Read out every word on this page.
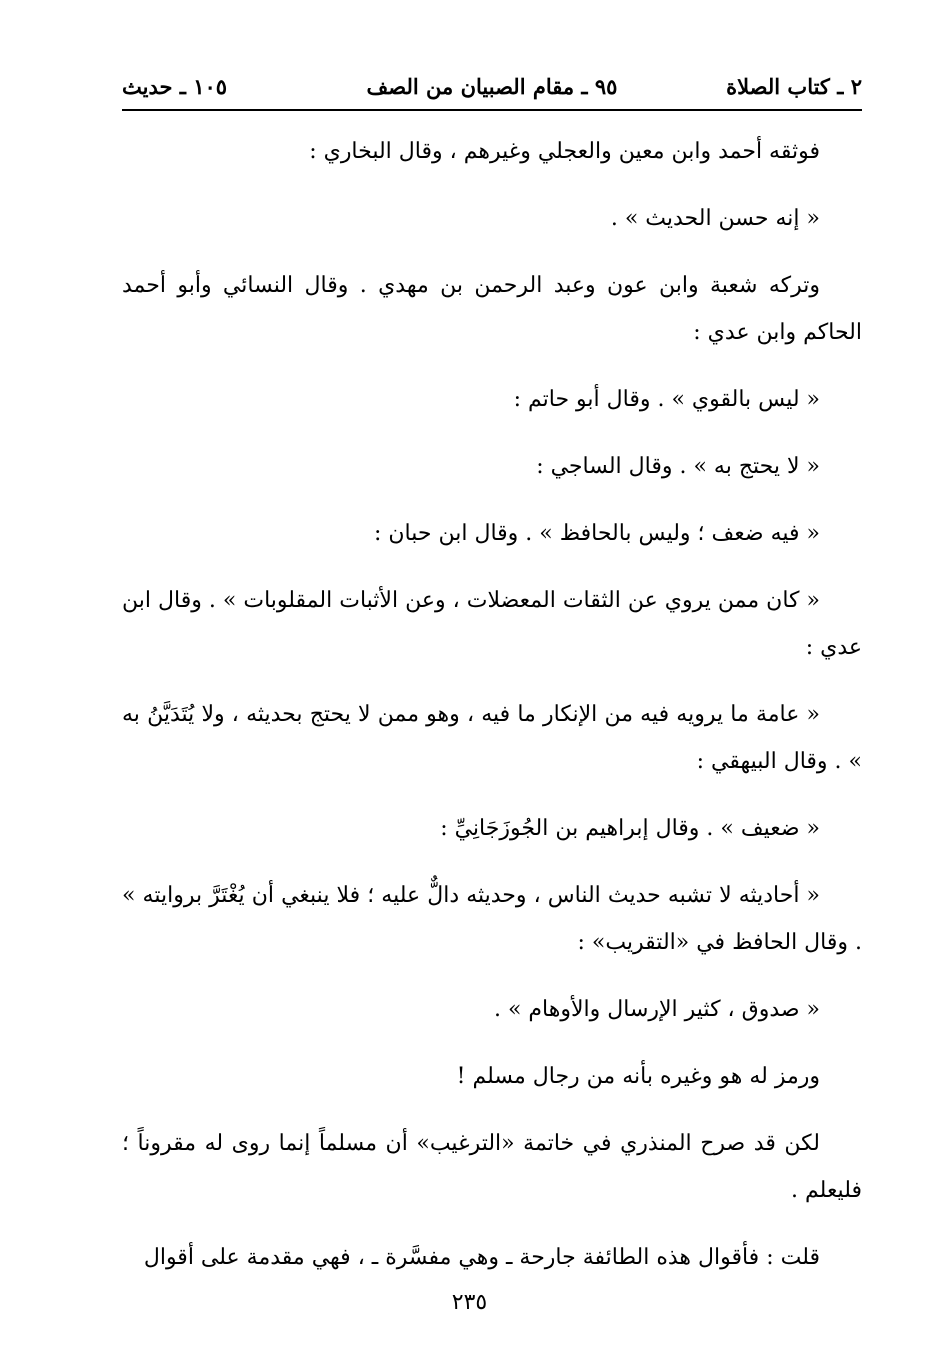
٢ ـ كتاب الصلاة
٩٥ ـ مقام الصبيان من الصف
١٠٥ ـ حديث

فوثقه أحمد وابن معين والعجلي وغيرهم ، وقال البخاري :

« إنه حسن الحديث » .

وتركه شعبة وابن عون وعبد الرحمن بن مهدي . وقال النسائي وأبو أحمد الحاكم وابن عدي :

« ليس بالقوي » . وقال أبو حاتم :

« لا يحتج به » . وقال الساجي :

« فيه ضعف ؛ وليس بالحافظ » . وقال ابن حبان :

« كان ممن يروي عن الثقات المعضلات ، وعن الأثبات المقلوبات » . وقال ابن عدي :

« عامة ما يرويه فيه من الإنكار ما فيه ، وهو ممن لا يحتج بحديثه ، ولا يُتَدَيَّنُ به » . وقال البيهقي :

« ضعيف » . وقال إبراهيم بن الجُوزَجَانِيِّ :

« أحاديثه لا تشبه حديث الناس ، وحديثه دالٌّ عليه ؛ فلا ينبغي أن يُغْتَرَّ بروايته » . وقال الحافظ في «التقريب» :

« صدوق ، كثير الإرسال والأوهام » .

ورمز له هو وغيره بأنه من رجال مسلم !

لكن قد صرح المنذري في خاتمة «الترغيب» أن مسلماً إنما روى له مقروناً ؛ فليعلم .

قلت : فأقوال هذه الطائفة جارحة ـ وهي مفسَّرة ـ ، فهي مقدمة على أقوال

٢٣٥
